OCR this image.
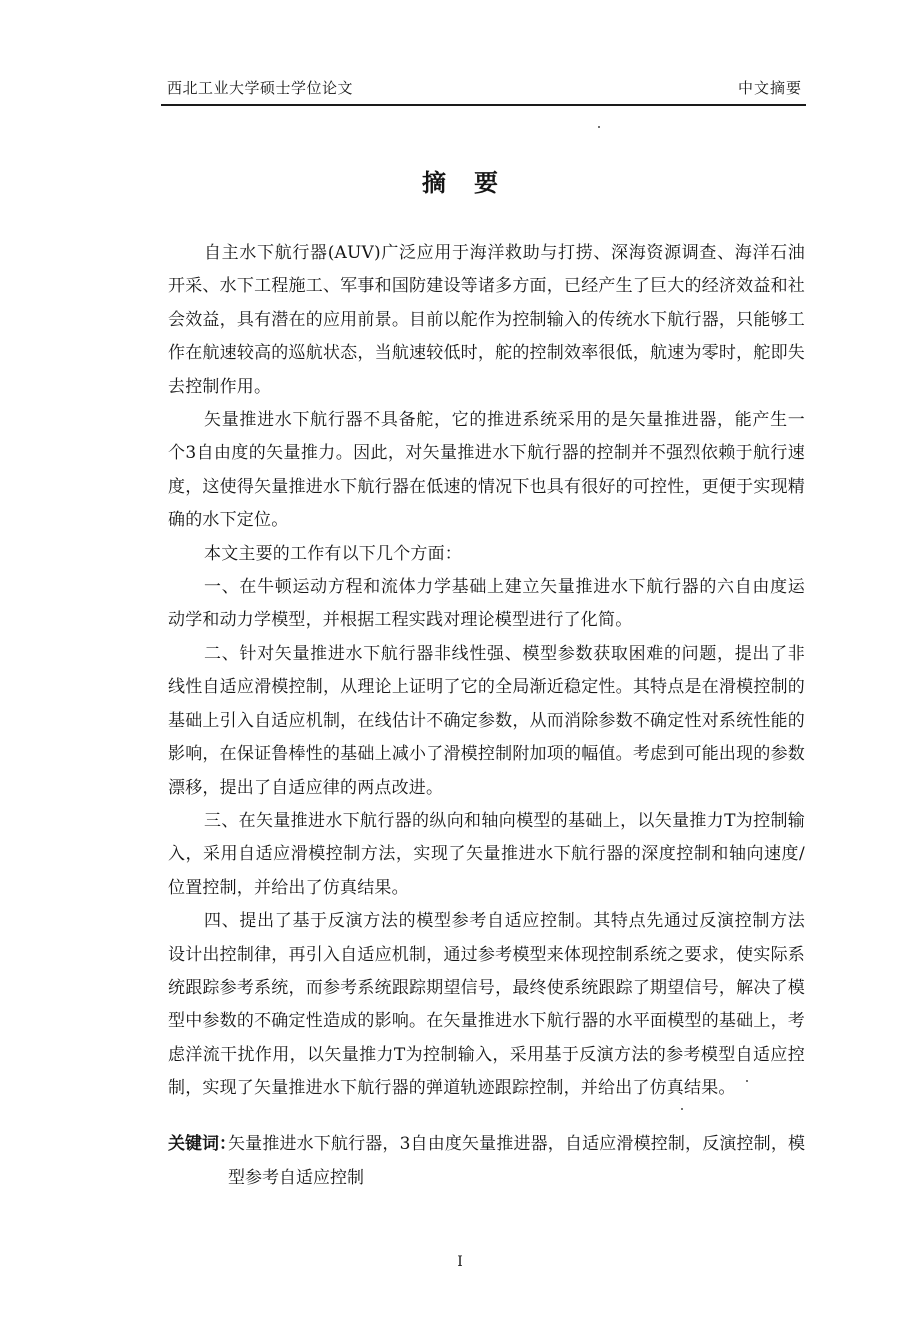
西北工业大学硕士学位论文	中文摘要
摘要

自主水下航行器(AUV)广泛应用于海洋救助与打捞、深海资源调查、海洋石油开采、水下工程施工、军事和国防建设等诸多方面，已经产生了巨大的经济效益和社会效益，具有潜在的应用前景。目前以舵作为控制输入的传统水下航行器，只能够工作在航速较高的巡航状态，当航速较低时，舵的控制效率很低，航速为零时，舵即失去控制作用。

矢量推进水下航行器不具备舵，它的推进系统采用的是矢量推进器，能产生一个3自由度的矢量推力。因此，对矢量推进水下航行器的控制并不强烈依赖于航行速度，这使得矢量推进水下航行器在低速的情况下也具有很好的可控性，更便于实现精确的水下定位。

本文主要的工作有以下几个方面：

一、在牛顿运动方程和流体力学基础上建立矢量推进水下航行器的六自由度运动学和动力学模型，并根据工程实践对理论模型进行了化简。

二、针对矢量推进水下航行器非线性强、模型参数获取困难的问题，提出了非线性自适应滑模控制，从理论上证明了它的全局渐近稳定性。其特点是在滑模控制的基础上引入自适应机制，在线估计不确定参数，从而消除参数不确定性对系统性能的影响，在保证鲁棒性的基础上减小了滑模控制附加项的幅值。考虑到可能出现的参数漂移，提出了自适应律的两点改进。

三、在矢量推进水下航行器的纵向和轴向模型的基础上，以矢量推力T为控制输入，采用自适应滑模控制方法，实现了矢量推进水下航行器的深度控制和轴向速度/位置控制，并给出了仿真结果。

四、提出了基于反演方法的模型参考自适应控制。其特点先通过反演控制方法设计出控制律，再引入自适应机制，通过参考模型来体现控制系统之要求，使实际系统跟踪参考系统，而参考系统跟踪期望信号，最终使系统跟踪了期望信号，解决了模型中参数的不确定性造成的影响。在矢量推进水下航行器的水平面模型的基础上，考虑洋流干扰作用，以矢量推力T为控制输入，采用基于反演方法的参考模型自适应控制，实现了矢量推进水下航行器的弹道轨迹跟踪控制，并给出了仿真结果。

关键词：
矢量推进水下航行器，3自由度矢量推进器，自适应滑模控制，反演控制，模型参考自适应控制
I
